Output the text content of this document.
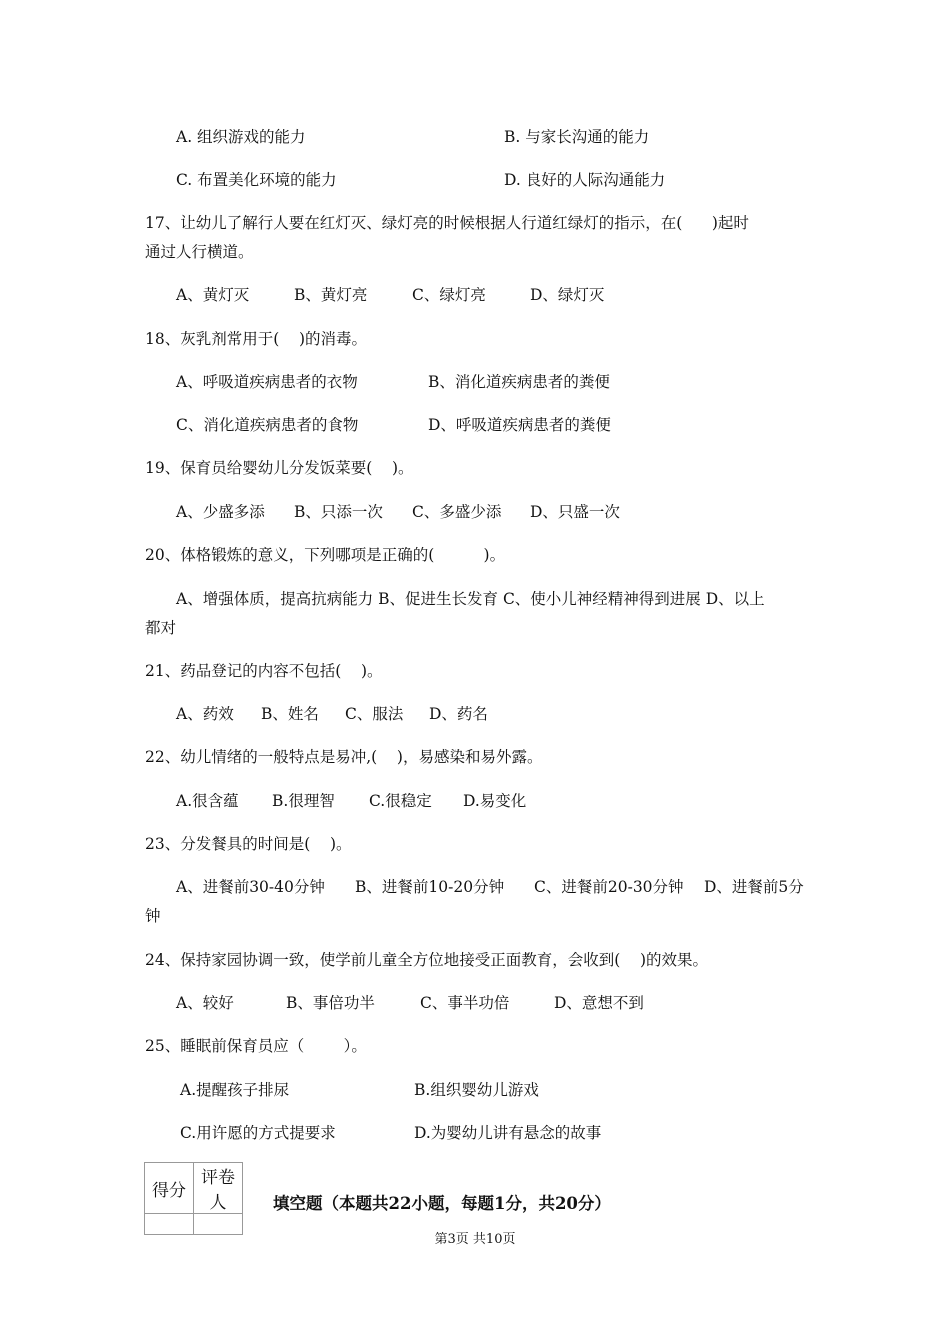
A. 组织游戏的能力	B. 与家长沟通的能力
C. 布置美化环境的能力	D. 良好的人际沟通能力
17、让幼儿了解行人要在红灯灭、绿灯亮的时候根据人行道红绿灯的指示，在(      )起时
通过人行横道。
A、黄灯灭	B、黄灯亮	C、绿灯亮	D、绿灯灭
18、灰乳剂常用于(    )的消毒。
A、呼吸道疾病患者的衣物	B、消化道疾病患者的粪便
C、消化道疾病患者的食物	D、呼吸道疾病患者的粪便
19、保育员给婴幼儿分发饭菜要(    )。
A、少盛多添 B、只添一次 C、多盛少添 D、只盛一次
20、体格锻炼的意义，下列哪项是正确的(          )。
A、增强体质，提高抗病能力 B、促进生长发育 C、使小儿神经精神得到进展 D、以上
都对
21、药品登记的内容不包括(    )。
A、药效 B、姓名 C、服法 D、药名
22、幼儿情绪的一般特点是易冲,(    )，易感染和易外露。
A.很含蕴 B.很理智 C.很稳定 D.易变化
23、分发餐具的时间是(    )。
A、进餐前30-40分钟 B、进餐前10-20分钟 C、进餐前20-30分钟 D、进餐前5分
钟
24、保持家园协调一致，使学前儿童全方位地接受正面教育，会收到(    )的效果。
A、较好	B、事倍功半	C、事半功倍	D、意想不到
25、睡眠前保育员应（        ）。
A.提醒孩子排尿	B.组织婴幼儿游戏
C.用许愿的方式提要求	D.为婴幼儿讲有悬念的故事
得分	评卷人
		填空题（本题共22小题，每题1分，共20分）
第3页 共10页
